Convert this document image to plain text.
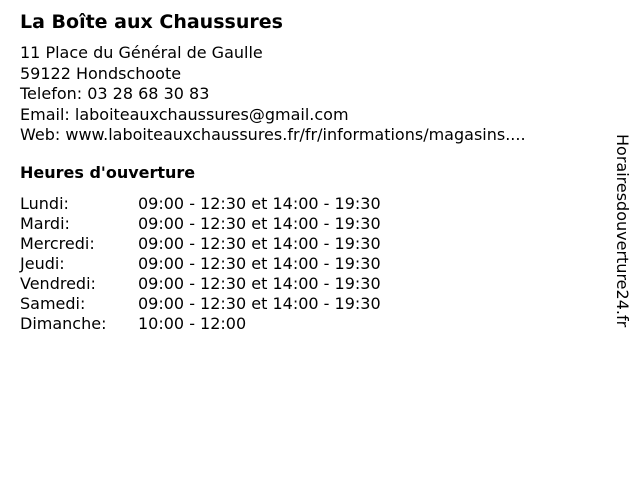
La Boîte aux Chaussures
11 Place du Général de Gaulle
59122 Hondschoote
Telefon: 03 28 68 30 83
Email: laboiteauxchaussures@gmail.com
Web: www.laboiteauxchaussures.fr/fr/informations/magasins....
Heures d'ouverture
Lundi:	09:00 - 12:30 et 14:00 - 19:30
Mardi:	09:00 - 12:30 et 14:00 - 19:30
Mercredi:	09:00 - 12:30 et 14:00 - 19:30
Jeudi:	09:00 - 12:30 et 14:00 - 19:30
Vendredi:	09:00 - 12:30 et 14:00 - 19:30
Samedi:	09:00 - 12:30 et 14:00 - 19:30
Dimanche: 10:00 - 12:00	Horairesdouverture24.fr
